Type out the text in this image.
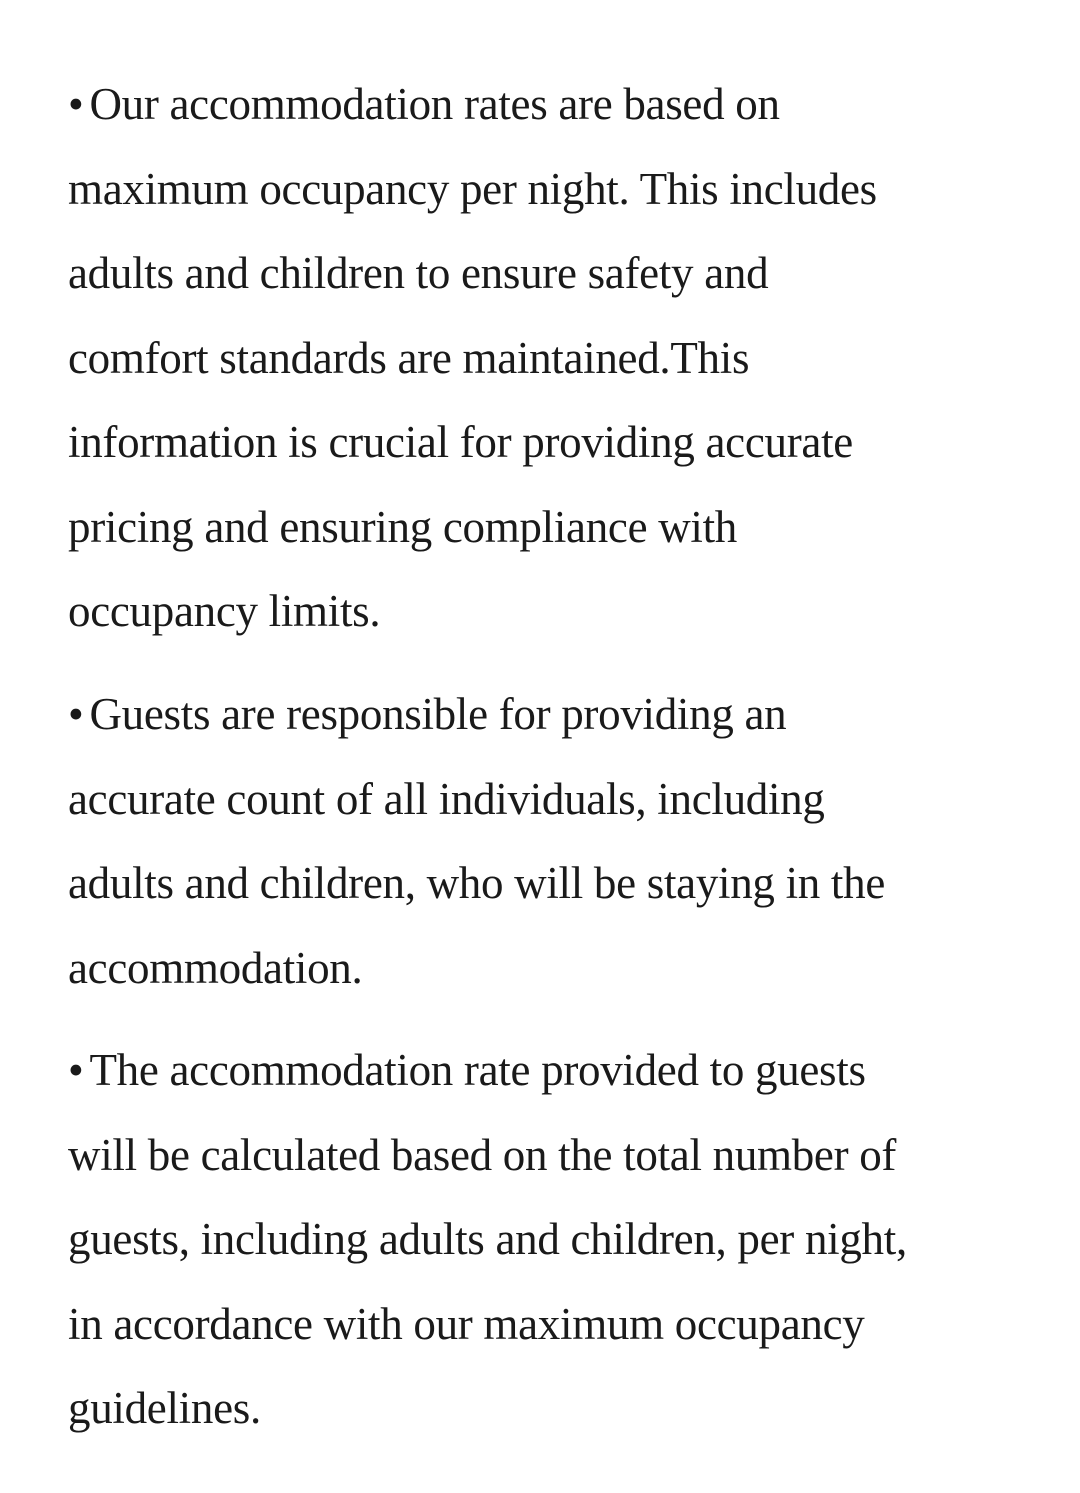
• Our accommodation rates are based on
maximum occupancy per night. This includes
adults and children to ensure safety and
comfort standards are maintained.This
information is crucial for providing accurate
pricing and ensuring compliance with
occupancy limits.
• Guests are responsible for providing an
accurate count of all individuals, including
adults and children, who will be staying in the
accommodation.
• The accommodation rate provided to guests
will be calculated based on the total number of
guests, including adults and children, per night,
in accordance with our maximum occupancy
guidelines.
